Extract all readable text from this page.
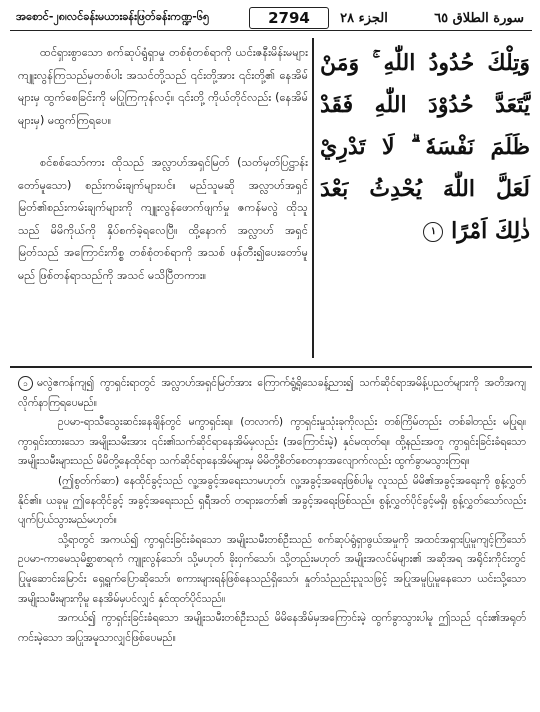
အစောင်-၂၈၊လင်ခန်းမယားခန်းဖြတ်ခန်းကဏ္ဍ-၆၅	2794	الجزء ٢٨	سورة الطلاق ٦٥

ထင်ရှားစွာသော စက်ဆုပ်ရွံရှာမှု တစ်စုံတစ်ရာကို ယင်းဇနီးမိန်းမများ ကျူးလွန်ကြသည်မှတစ်ပါး အသင်တို့သည် ၎င်းတို့အား ၎င်းတို့၏ နေအိမ်များမှ ထွက်စေခြင်းကို မပြုကြကုန်လင့်။ ၎င်းတို့ ကိုယ်တိုင်လည်း (နေအိမ်များမှ) မထွက်ကြရပေ။

စင်စစ်သော်ကား ထိုသည် အလ္လာဟ်အရှင်မြတ် (သတ်မှတ်ပြဋ္ဌာန်းတော်မူသော) စည်းကမ်းချက်များပင်။ မည်သူမဆို အလ္လာဟ်အရှင်မြတ်၏စည်းကမ်းချက်များကို ကျူးလွန်ဖောက်ဖျက်မှု ဇကန်မလွဲ ထိုသူသည် မိမိကိုယ်ကို နှိပ်စက်ခဲ့ရလေပြီ။ ထို့နောက် အလ္လာဟ် အရှင်မြတ်သည် အကြောင်းကိစ္စ တစ်စုံတစ်ရာကို အသစ် ဖန်တီး၍ပေးတော်မူမည် ဖြစ်တန်ရာသည်ကို အသင် မသိပြီတကား။

وَتِلْكَ حُدُودُ اللّٰهِ ۚ وَمَنْ يَّتَعَدَّ حُدُوْدَ اللّٰهِ فَقَدْ ظَلَمَ نَفْسَهٗ ۗ لَا تَدْرِيْ لَعَلَّ اللّٰهَ يُحْدِثُ بَعْدَ ذٰلِكَ اَمْرًا ١

၁ မလွဲဧကန်ကျ၍ ကွာရှင်းရာတွင် အလ္လာဟ်အရှင်မြတ်အား ကြောက်ရွံ့ရိုသေခန့်ညား၍ သက်ဆိုင်ရာအမိန့်ပညတ်များကို အတိအကျ လိုက်နာကြရပေမည်။

ဥပမာ-ရာသီသွေးဆင်းနေချိန်တွင် မကွာရှင်းရ။ (တလာက်) ကွာရှင်းမှုသုံးခုကိုလည်း တစ်ကြိမ်တည်း တစ်ခါတည်း မပြုရ။ ကွာရှင်းထားသော အမျိုးသမီးအား ၎င်း၏သက်ဆိုင်ရာနေအိမ်မှလည်း (အကြောင်းမဲ့) နှင်မထုတ်ရ။ ထို့နည်းအတူ ကွာရှင်းခြင်းခံရသော အမျိုးသမီးများသည် မိမိတို့နေထိုင်ရာ သက်ဆိုင်ရာနေအိမ်များမှ မိမိတို့စိတ်စေတနာအလျောက်လည်း ထွက်ခွာမသွားကြရ။

(ဤစွတ်က်ဆာ) နေထိုင်ခွင့်သည် လူ့အခွင့်အရေးသာမဟုတ်၊ လူ့အခွင့်အရေးဖြစ်ပါမူ လူသည် မိမိ၏အခွင့်အရေးကို စွန့်လွှတ်နိုင်၏။ ယခုမူ ဤနေထိုင်ခွင့် အခွင့်အရေးသည် ရှရီအတ် တရားတော်၏ အခွင့်အရေးဖြစ်သည်။ စွန့်လွှတ်ပိုင်ခွင့်မရှိ၊ စွန့်လွှတ်သော်လည်း ပျက်ပြယ်သွားမည်မဟုတ်။

သို့ရာတွင် အကယ်၍ ကွာရှင်းခြင်းခံရသော အမျိုးသမီးတစ်ဦးသည် စက်ဆုပ်ရွံရှာဖွယ်အမှုကို အထင်အရှားပြုမူကျင့်ကြံသော် ဥပမာ-ကာမေသုမိစ္ဆာစာရကံ ကျူးလွန်သော်၊ သို့မဟုတ် ခိုးဝှက်သော်၊ သို့တည်းမဟုတ် အမျိုးအလင်မ်များ၏ အဆိုအရ အရိုင်းကိုင်းတွင် ပြုမူဆောင်းမြောင်း ရှေ့ရှုက်ပြောဆိုသော်၊ စကားများရန်ဖြစ်နေသည်ရှိသော်၊ နှုတ်သံညည်းညူသဖြင့် အပြုအမူပြုမူနေသော ယင်းသို့သော အမျိုးသမီးများကိုမူ နေအိမ်မှပင်လျှင် နှင်ထုတ်ပိုင်သည်။

အကယ်၍ ကွာရှင်းခြင်းခံရသော အမျိုးသမီးတစ်ဦးသည် မိမိနေအိမ်မှအကြောင်းမဲ့ ထွက်ခွာသွားပါမူ ဤသည် ၎င်း၏အရုတ်ကင်းမဲ့သော အပြုအမူသာလျှင်ဖြစ်ပေမည်။
